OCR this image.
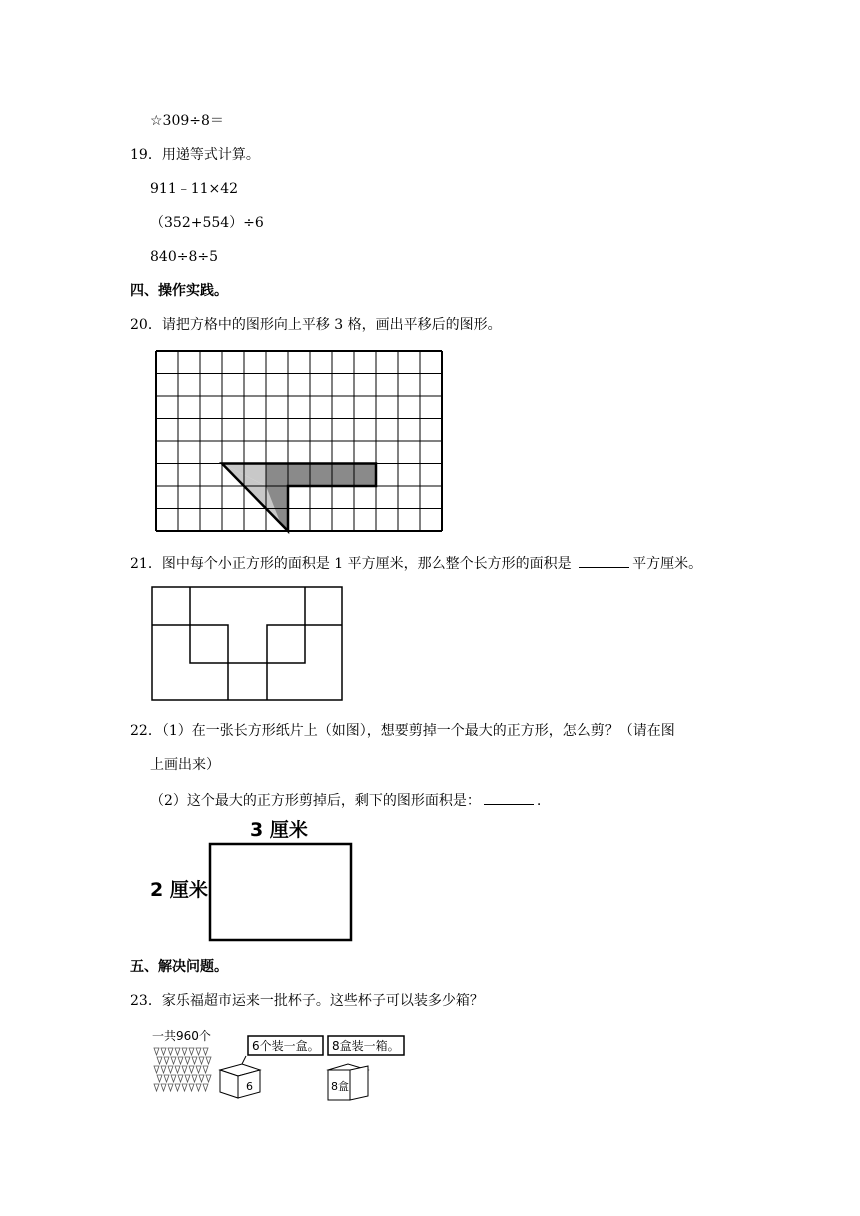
☆309÷8＝
19．用递等式计算。
911﹣11×42
（352+554）÷6
840÷8÷5
四、操作实践。
20．请把方格中的图形向上平移 3 格，画出平移后的图形。
21．图中每个小正方形的面积是 1 平方厘米，那么整个长方形的面积是	平方厘米。
22．（1）在一张长方形纸片上（如图），想要剪掉一个最大的正方形，怎么剪？（请在图
上画出来）
（2）这个最大的正方形剪掉后，剩下的图形面积是：	.
3 厘米
2 厘米
五、解决问题。
23．家乐福超市运来一批杯子。这些杯子可以装多少箱？
一共960个
6个装一盒。 8盒装一箱。
6	8盒
